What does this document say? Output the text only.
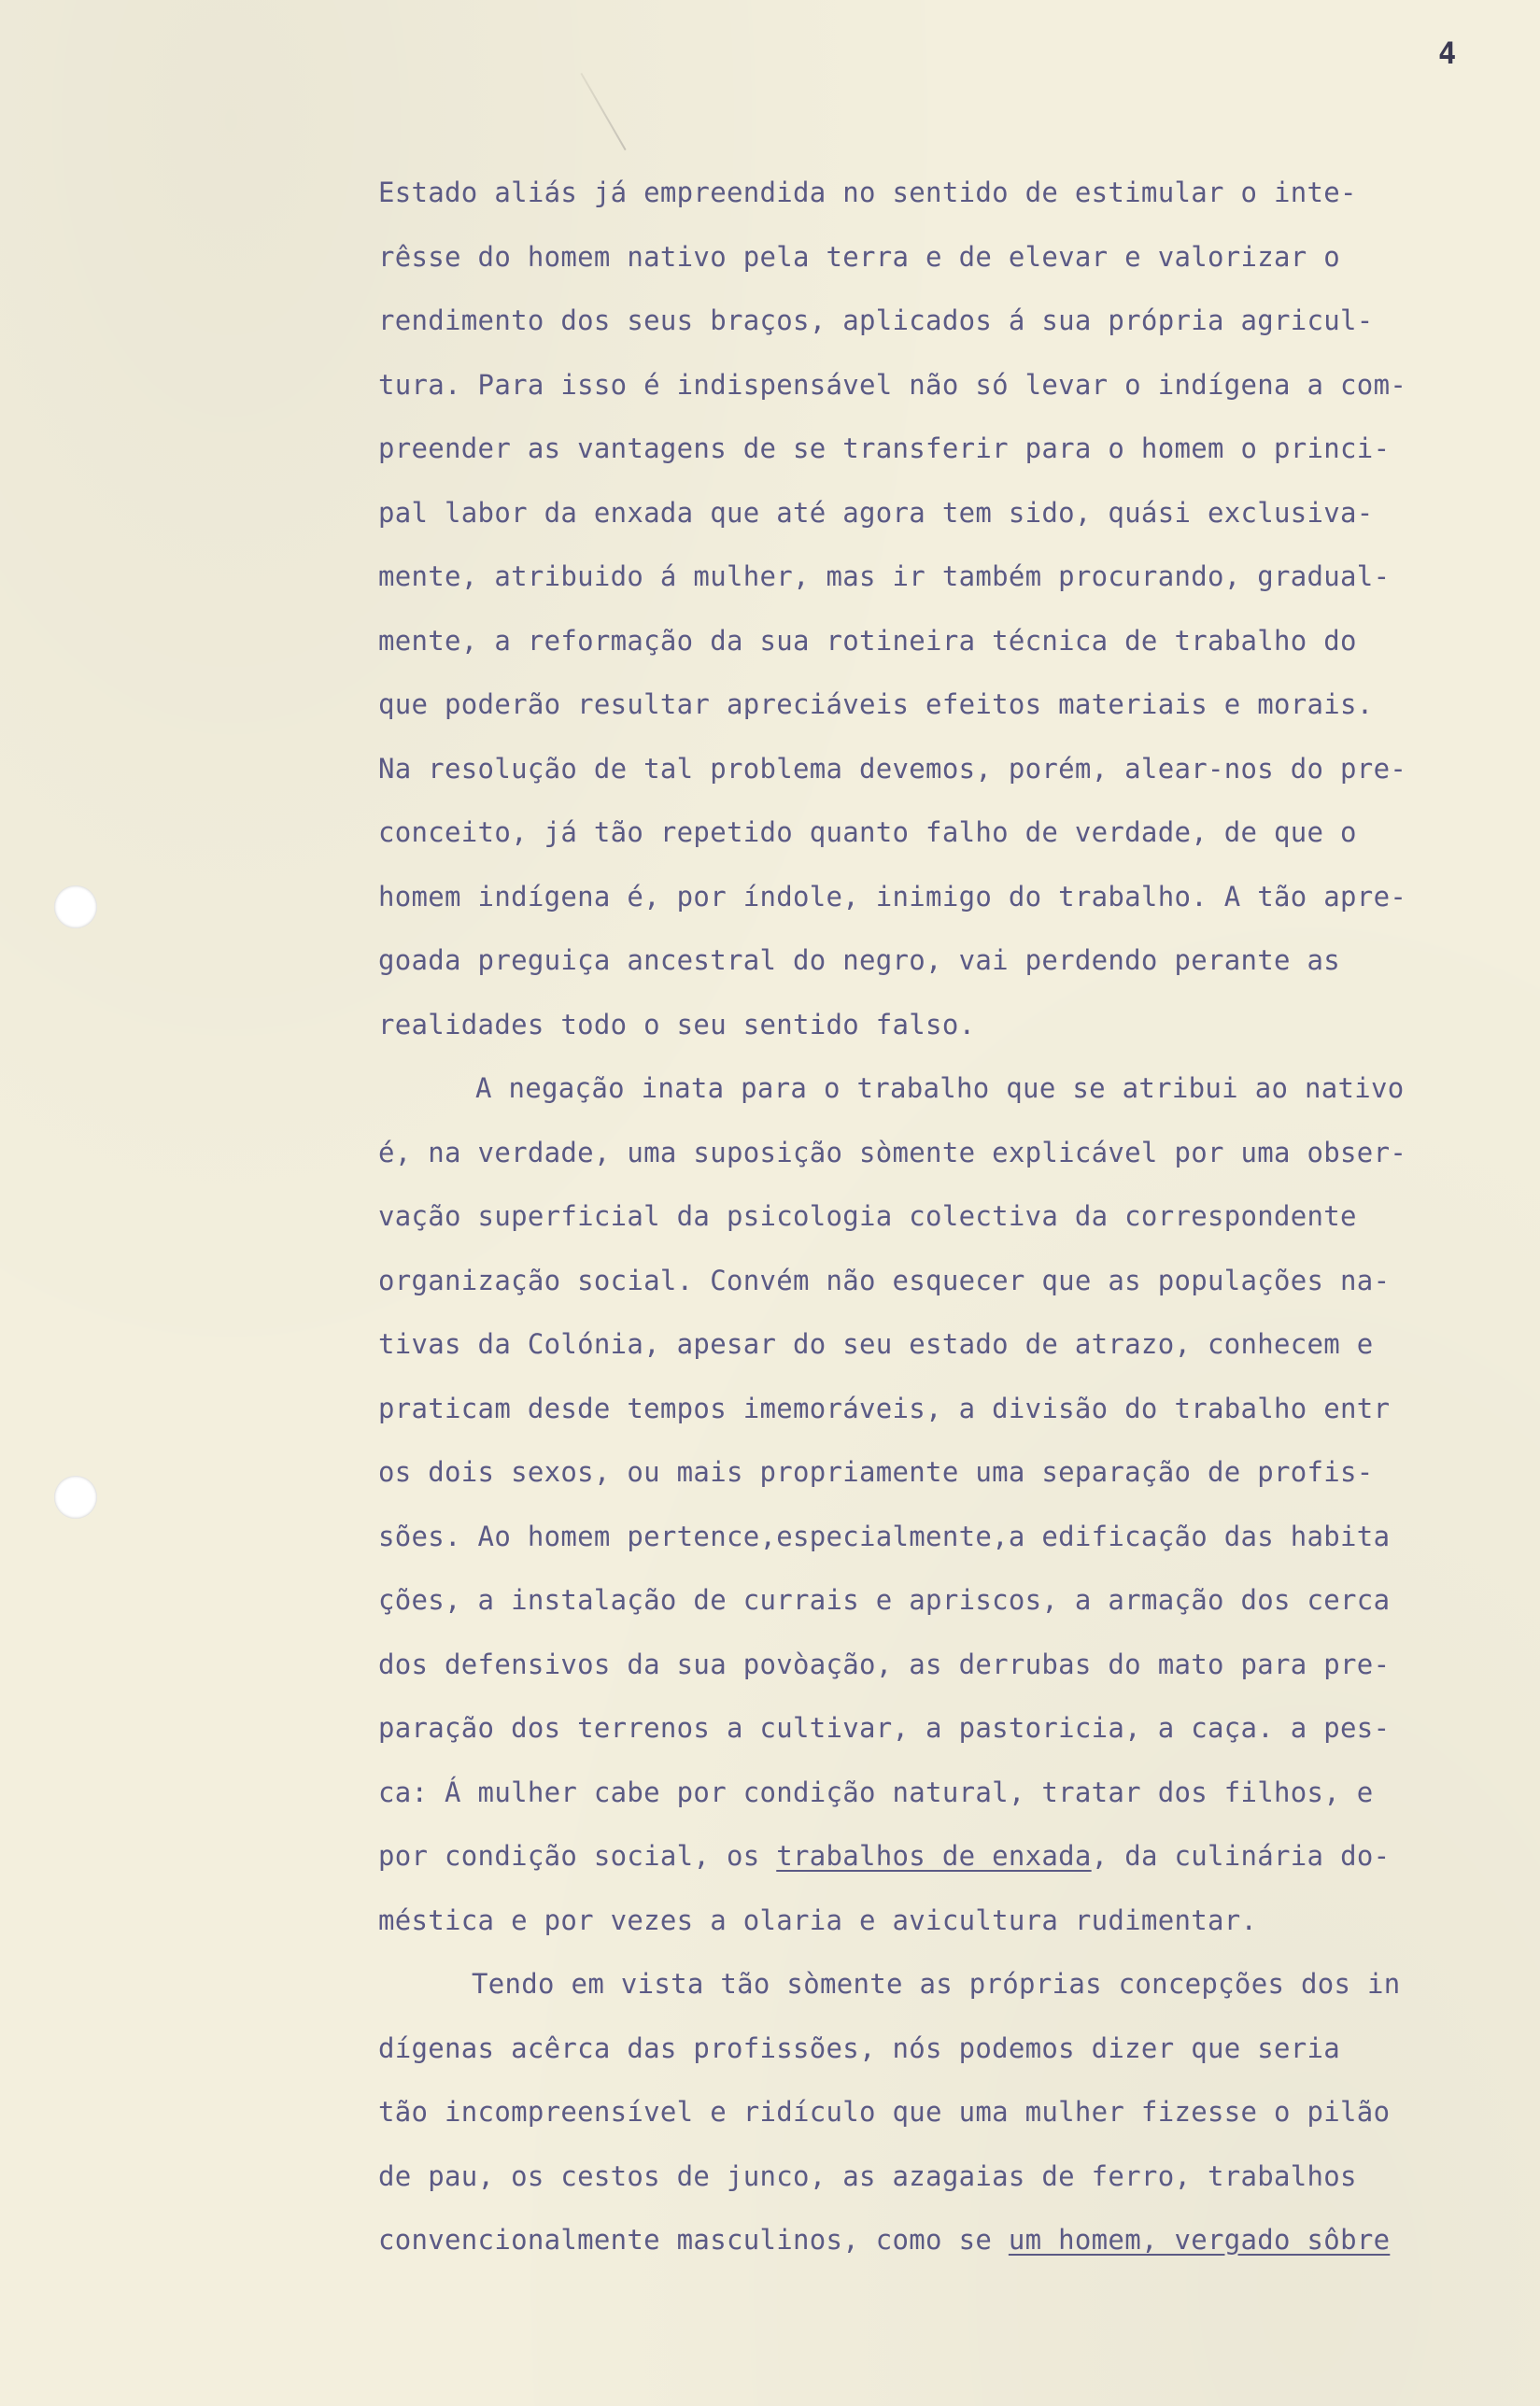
4
Estado aliás já empreendida no sentido de estimular o inte-
rêsse do homem nativo pela terra e de elevar e valorizar o
rendimento dos seus braços, aplicados á sua própria agricul-
tura. Para isso é indispensável não só levar o indígena a com-
preender as vantagens de se transferir para o homem o princi-
pal labor da enxada que até agora tem sido, quási exclusiva-
mente, atribuido á mulher, mas ir também procurando, gradual-
mente, a reformação da sua rotineira técnica de trabalho do
que poderão resultar apreciáveis efeitos materiais e morais.
Na resolução de tal problema devemos, porém, alear-nos do pre-
conceito, já tão repetido quanto falho de verdade, de que o
homem indígena é, por índole, inimigo do trabalho. A tão apre-
goada preguiça ancestral do negro, vai perdendo perante as
realidades todo o seu sentido falso.
A negação inata para o trabalho que se atribui ao nativo
é, na verdade, uma suposição sòmente explicável por uma obser-
vação superficial da psicologia colectiva da correspondente
organização social. Convém não esquecer que as populações na-
tivas da Colónia, apesar do seu estado de atrazo, conhecem e
praticam desde tempos imemoráveis, a divisão do trabalho entr
os dois sexos, ou mais propriamente uma separação de profis-
sões. Ao homem pertence,especialmente,a edificação das habita
ções, a instalação de currais e apriscos, a armação dos cerca
dos defensivos da sua povòação, as derrubas do mato para pre-
paração dos terrenos a cultivar, a pastoricia, a caça. a pes-
ca: Á mulher cabe por condição natural, tratar dos filhos, e
por condição social, os trabalhos de enxada, da culinária do-
méstica e por vezes a olaria e avicultura rudimentar.
Tendo em vista tão sòmente as próprias concepções dos in
dígenas acêrca das profissões, nós podemos dizer que seria
tão incompreensível e ridículo que uma mulher fizesse o pilão
de pau, os cestos de junco, as azagaias de ferro, trabalhos
convencionalmente masculinos, como se um homem, vergado sôbre
